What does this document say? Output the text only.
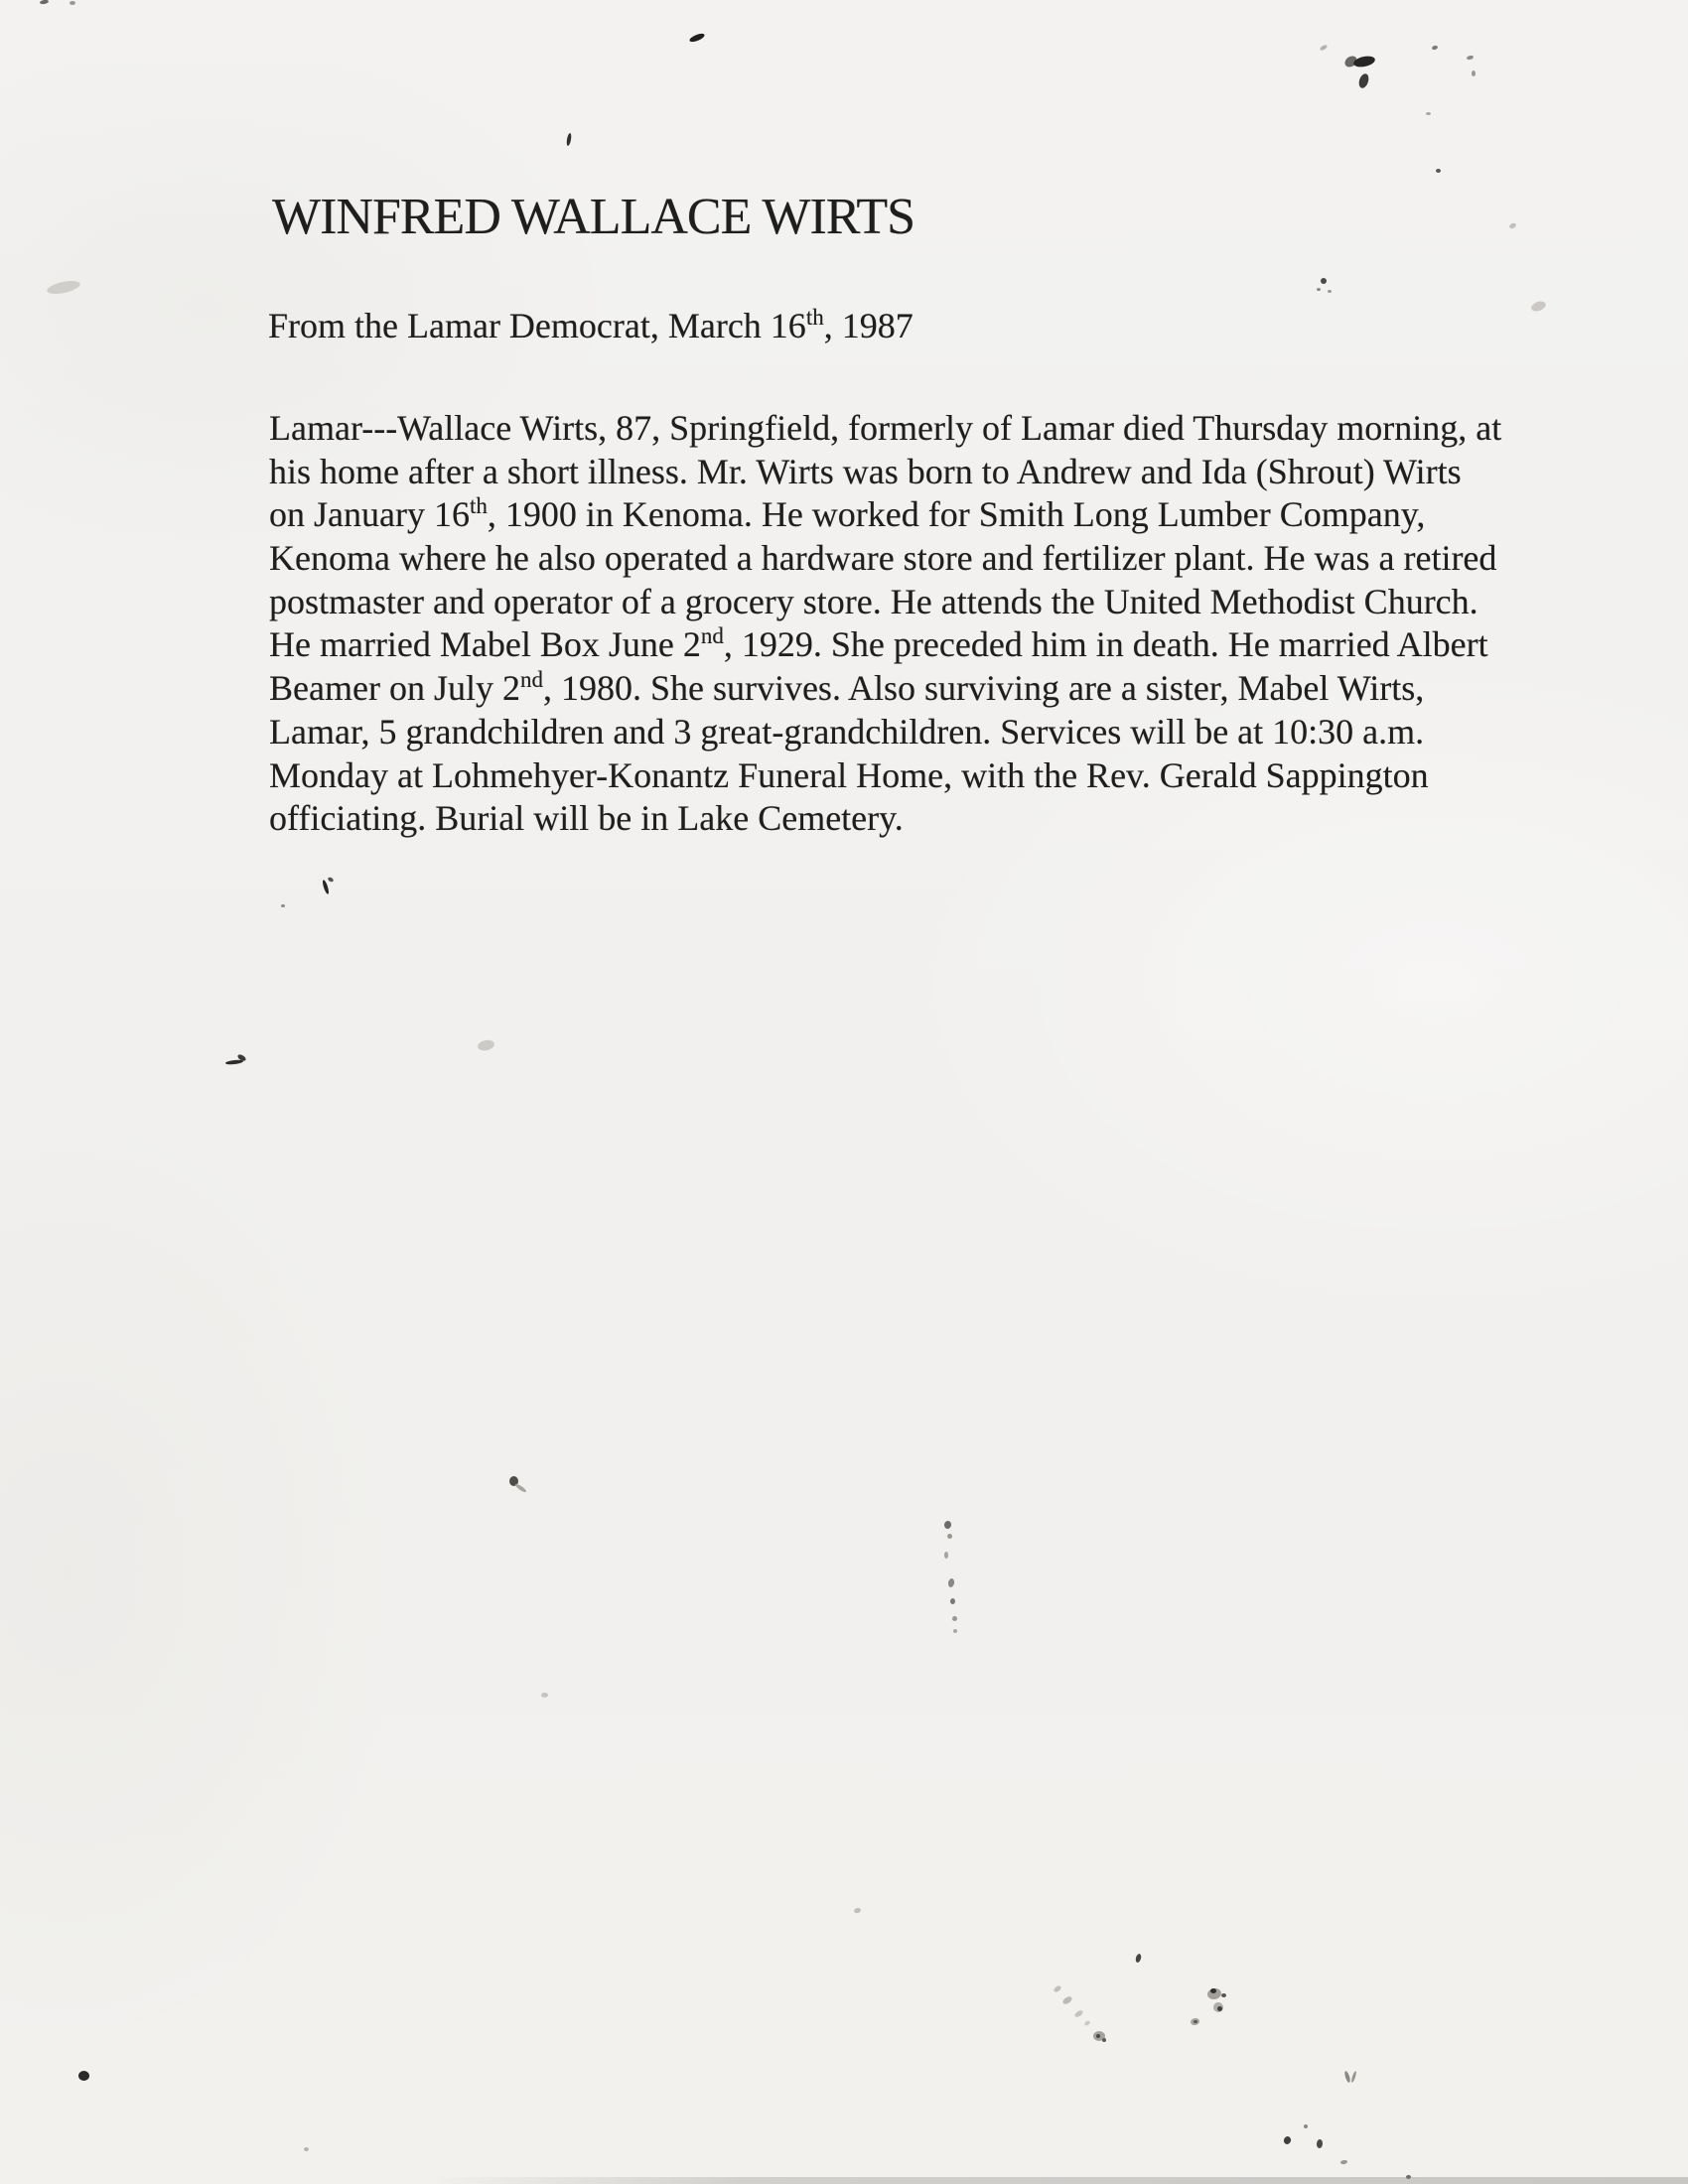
WINFRED WALLACE WIRTS
From the Lamar Democrat, March 16th, 1987
Lamar---Wallace Wirts, 87, Springfield, formerly of Lamar died Thursday morning, at
his home after a short illness. Mr. Wirts was born to Andrew and Ida (Shrout) Wirts
on January 16th, 1900 in Kenoma. He worked for Smith Long Lumber Company,
Kenoma where he also operated a hardware store and fertilizer plant. He was a retired
postmaster and operator of a grocery store. He attends the United Methodist Church.
He married Mabel Box June 2nd, 1929. She preceded him in death. He married Albert
Beamer on July 2nd, 1980. She survives. Also surviving are a sister, Mabel Wirts,
Lamar, 5 grandchildren and 3 great-grandchildren. Services will be at 10:30 a.m.
Monday at Lohmehyer-Konantz Funeral Home, with the Rev. Gerald Sappington
officiating. Burial will be in Lake Cemetery.
